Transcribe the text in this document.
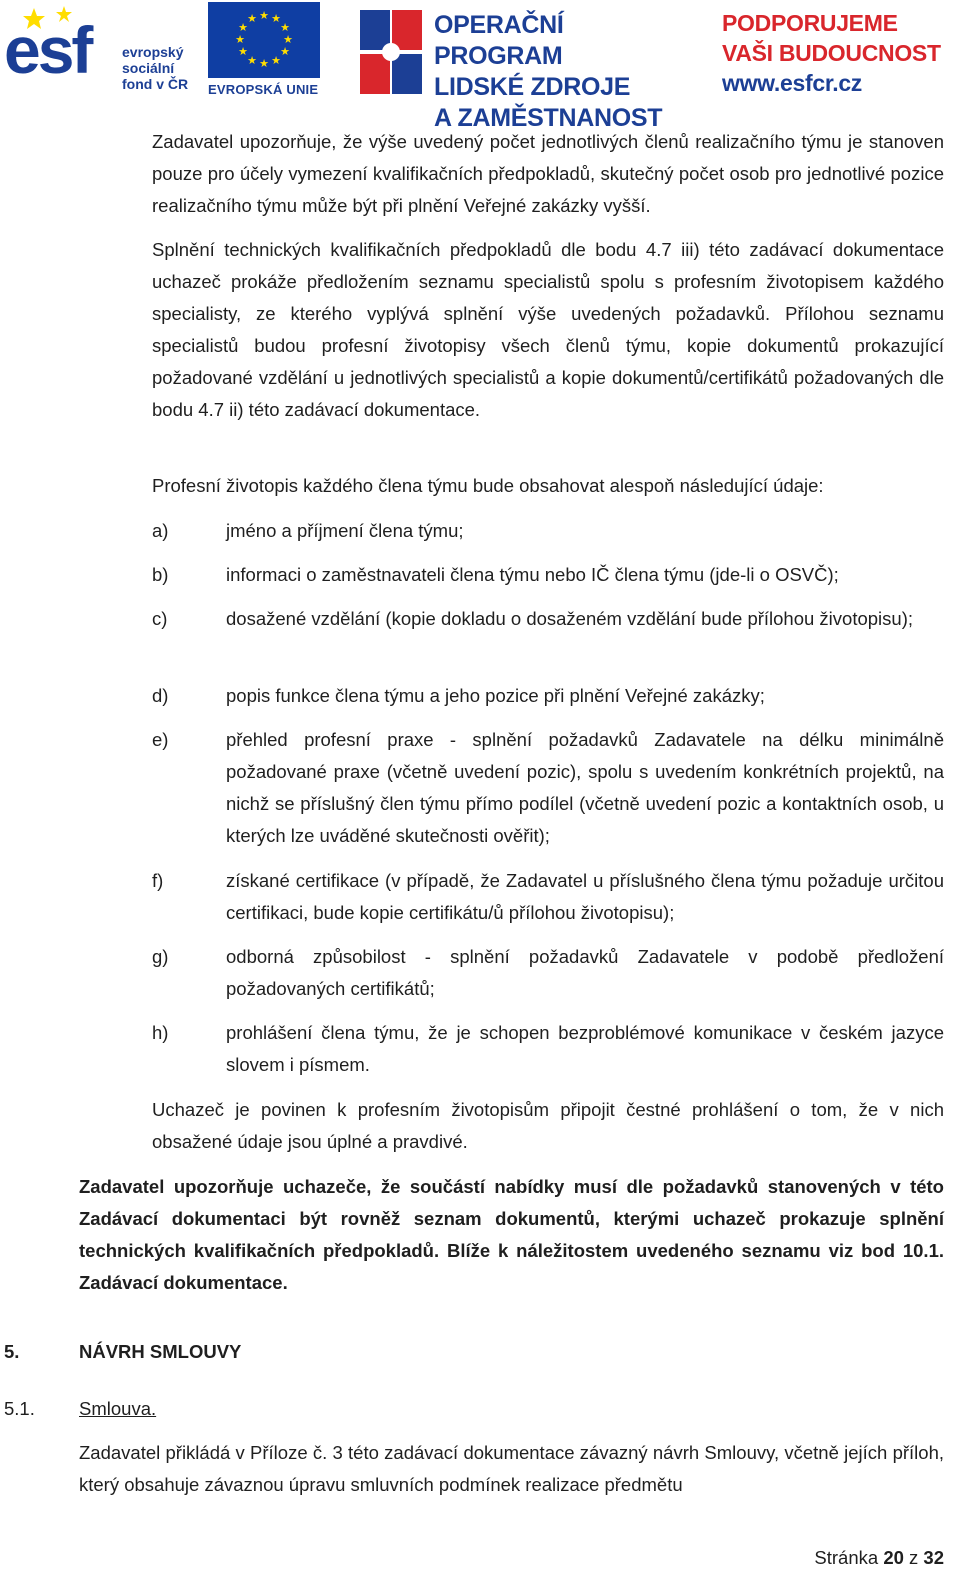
esf evropský
sociální
fond v ČR
★ ★
★
★
★
★
★
★
★
★
★
★
EVROPSKÁ UNIE
OPERAČNÍ PROGRAM
LIDSKÉ ZDROJE
A ZAMĚSTNANOST
PODPORUJEME
VAŠI BUDOUCNOST
www.esfcr.cz

Zadavatel upozorňuje, že výše uvedený počet jednotlivých členů realizačního týmu je stanoven pouze pro účely vymezení kvalifikačních předpokladů, skutečný počet osob pro jednotlivé pozice realizačního týmu může být při plnění Veřejné zakázky vyšší.

Splnění technických kvalifikačních předpokladů dle bodu 4.7 iii) této zadávací dokumentace uchazeč prokáže předložením seznamu specialistů spolu s profesním životopisem každého specialisty, ze kterého vyplývá splnění výše uvedených požadavků. Přílohou seznamu specialistů budou profesní životopisy všech členů týmu, kopie dokumentů prokazující požadované vzdělání u jednotlivých specialistů a kopie dokumentů/certifikátů požadovaných dle bodu 4.7 ii) této zadávací dokumentace.

Profesní životopis každého člena týmu bude obsahovat alespoň následující údaje:

a)	jméno a příjmení člena týmu;
b)	informaci o zaměstnavateli člena týmu nebo IČ člena týmu (jde-li o OSVČ);
c)	dosažené vzdělání (kopie dokladu o dosaženém vzdělání bude přílohou životopisu);
d)	popis funkce člena týmu a jeho pozice při plnění Veřejné zakázky;
e)	přehled profesní praxe - splnění požadavků Zadavatele na délku minimálně požadované praxe (včetně uvedení pozic), spolu s uvedením konkrétních projektů, na nichž se příslušný člen týmu přímo podílel (včetně uvedení pozic a kontaktních osob, u kterých lze uváděné skutečnosti ověřit);
f)	získané certifikace (v případě, že Zadavatel u příslušného člena týmu požaduje určitou certifikaci, bude kopie certifikátu/ů přílohou životopisu);
g)	odborná způsobilost - splnění požadavků Zadavatele v podobě předložení požadovaných certifikátů;
h)	prohlášení člena týmu, že je schopen bezproblémové komunikace v českém jazyce slovem i písmem.

Uchazeč je povinen k profesním životopisům připojit čestné prohlášení o tom, že v nich obsažené údaje jsou úplné a pravdivé.

Zadavatel upozorňuje uchazeče, že součástí nabídky musí dle požadavků stanovených v této Zadávací dokumentaci být rovněž seznam dokumentů, kterými uchazeč prokazuje splnění technických kvalifikačních předpokladů. Blíže k náležitostem uvedeného seznamu viz bod 10.1. Zadávací dokumentace.

5.	NÁVRH SMLOUVY
5.1. Smlouva.

Zadavatel přikládá v Příloze č. 3 této zadávací dokumentace závazný návrh Smlouvy, včetně jejích příloh, který obsahuje závaznou úpravu smluvních podmínek realizace předmětu

Stránka 20 z 32
